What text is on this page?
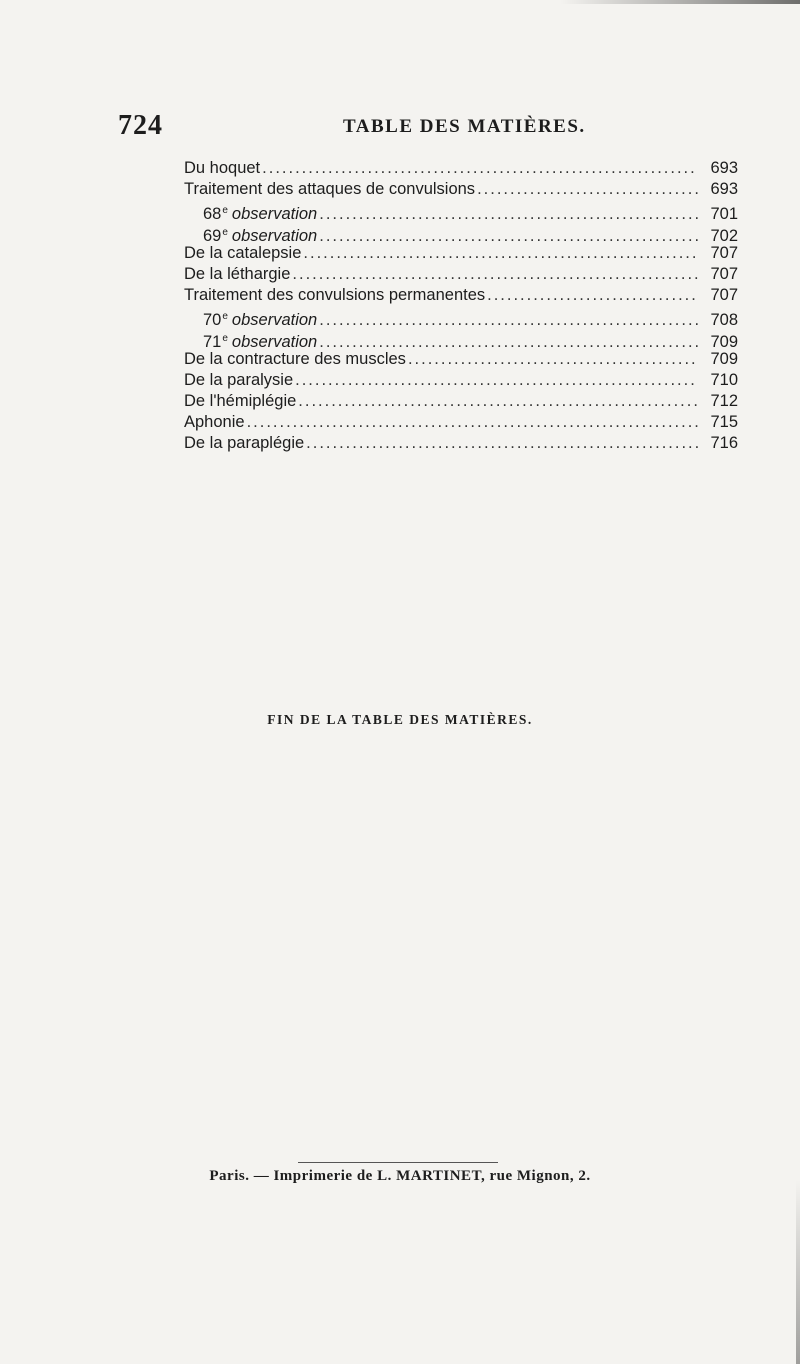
724	TABLE DES MATIÈRES.
Du hoquet .....	693
Traitement des attaques de convulsions .....	693
68e observation .....	701
69e observation .....	702
De la catalepsie .....	707
De la léthargie .....	707
Traitement des convulsions permanentes .....	707
70e observation .....	708
71e observation .....	709
De la contracture des muscles .....	709
De la paralysie .....	710
De l'hémiplégie .....	712
Aphonie .....	715
De la paraplégie .....	716
FIN DE LA TABLE DES MATIÈRES.
Paris. — Imprimerie de L. MARTINET, rue Mignon, 2.
